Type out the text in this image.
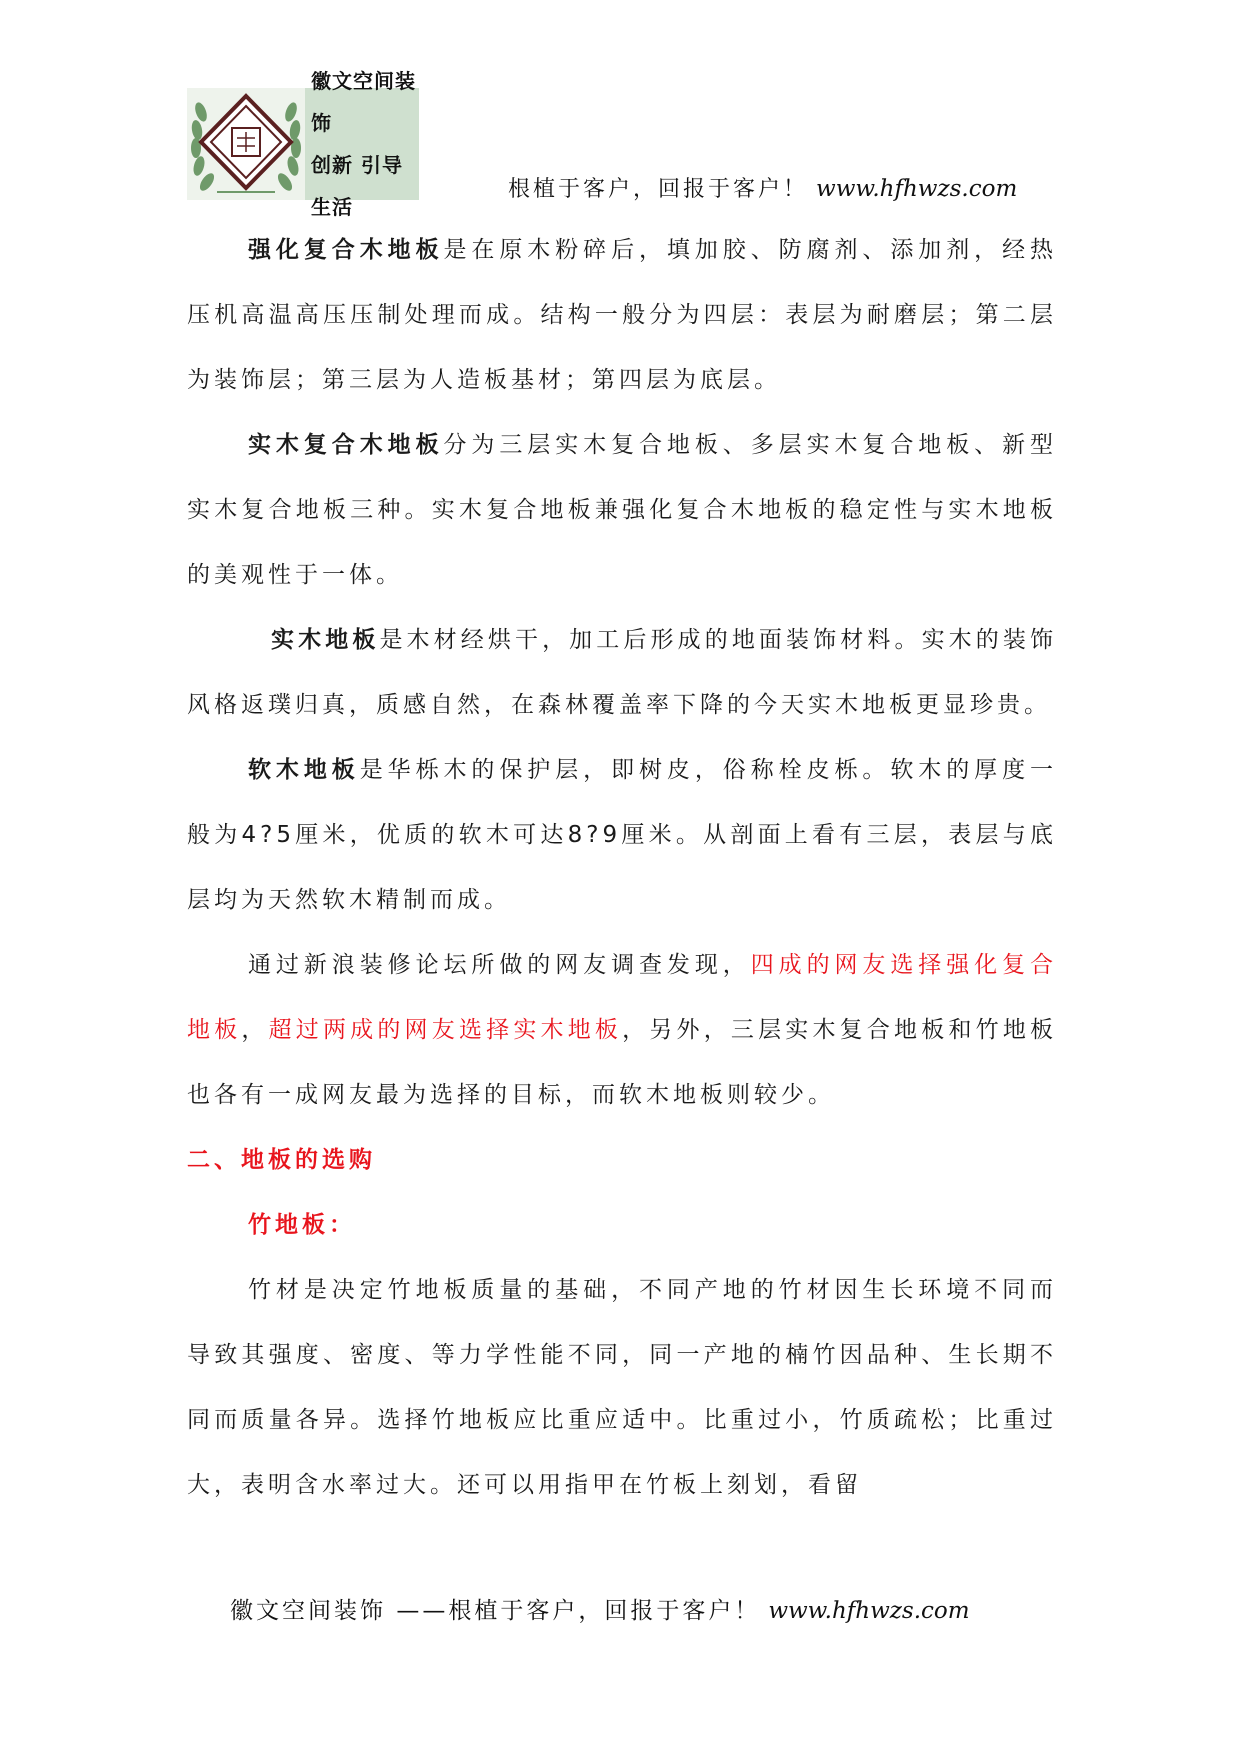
徽文空间装饰
创新 引导 生活
根植于客户，回报于客户！ www.hfhwzs.com

强化复合木地板是在原木粉碎后，填加胶、防腐剂、添加剂，经热压机高温高压压制处理而成。结构一般分为四层：表层为耐磨层；第二层为装饰层；第三层为人造板基材；第四层为底层。

实木复合木地板分为三层实木复合地板、多层实木复合地板、新型实木复合地板三种。实木复合地板兼强化复合木地板的稳定性与实木地板的美观性于一体。

实木地板是木材经烘干，加工后形成的地面装饰材料。实木的装饰风格返璞归真，质感自然，在森林覆盖率下降的今天实木地板更显珍贵。

软木地板是华栎木的保护层，即树皮，俗称栓皮栎。软木的厚度一般为4?5厘米，优质的软木可达8?9厘米。从剖面上看有三层，表层与底层均为天然软木精制而成。

通过新浪装修论坛所做的网友调查发现，四成的网友选择强化复合地板，超过两成的网友选择实木地板，另外，三层实木复合地板和竹地板也各有一成网友最为选择的目标，而软木地板则较少。

二、地板的选购

竹地板：

竹材是决定竹地板质量的基础，不同产地的竹材因生长环境不同而导致其强度、密度、等力学性能不同，同一产地的楠竹因品种、生长期不同而质量各异。选择竹地板应比重应适中。比重过小，竹质疏松；比重过大，表明含水率过大。还可以用指甲在竹板上刻划，看留

徽文空间装饰 ——根植于客户，回报于客户！ www.hfhwzs.com
